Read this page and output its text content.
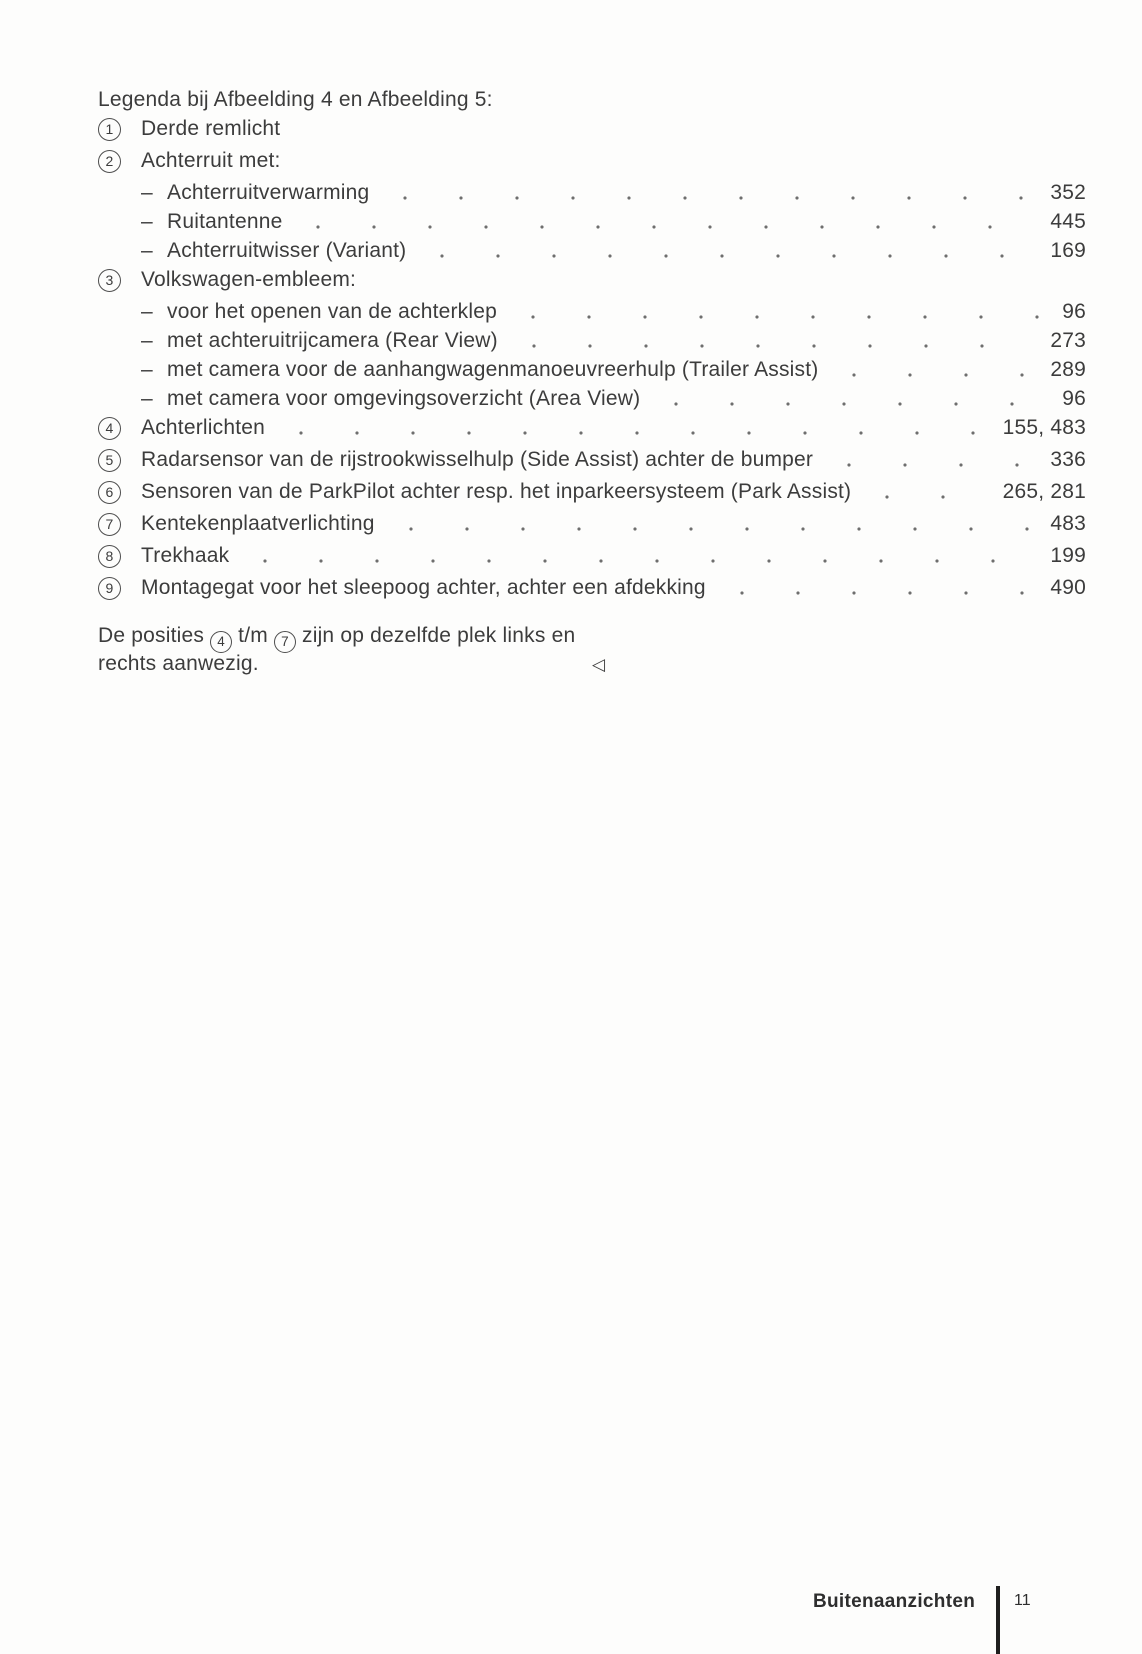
Legenda bij Afbeelding 4 en Afbeelding 5:
1	Derde remlicht
2	Achterruit met:
– Achterruitverwarming	352
– Ruitantenne	445
– Achterruitwisser (Variant)	169
3	Volkswagen-embleem:
– voor het openen van de achterklep	96
– met achteruitrijcamera (Rear View)	273
– met camera voor de aanhangwagenmanoeuvreerhulp (Trailer Assist)	289
– met camera voor omgevingsoverzicht (Area View)	96
4	Achterlichten	155, 483
5	Radarsensor van de rijstrookwisselhulp (Side Assist) achter de bumper	336
6	Sensoren van de ParkPilot achter resp. het inparkeersysteem (Park Assist)	265, 281
7	Kentekenplaatverlichting	483
8	Trekhaak	199
9	Montagegat voor het sleepoog achter, achter een afdekking	490
De posities 4 t/m 7 zijn op dezelfde plek links en
rechts aanwezig.	◁
Buitenaanzichten 11
